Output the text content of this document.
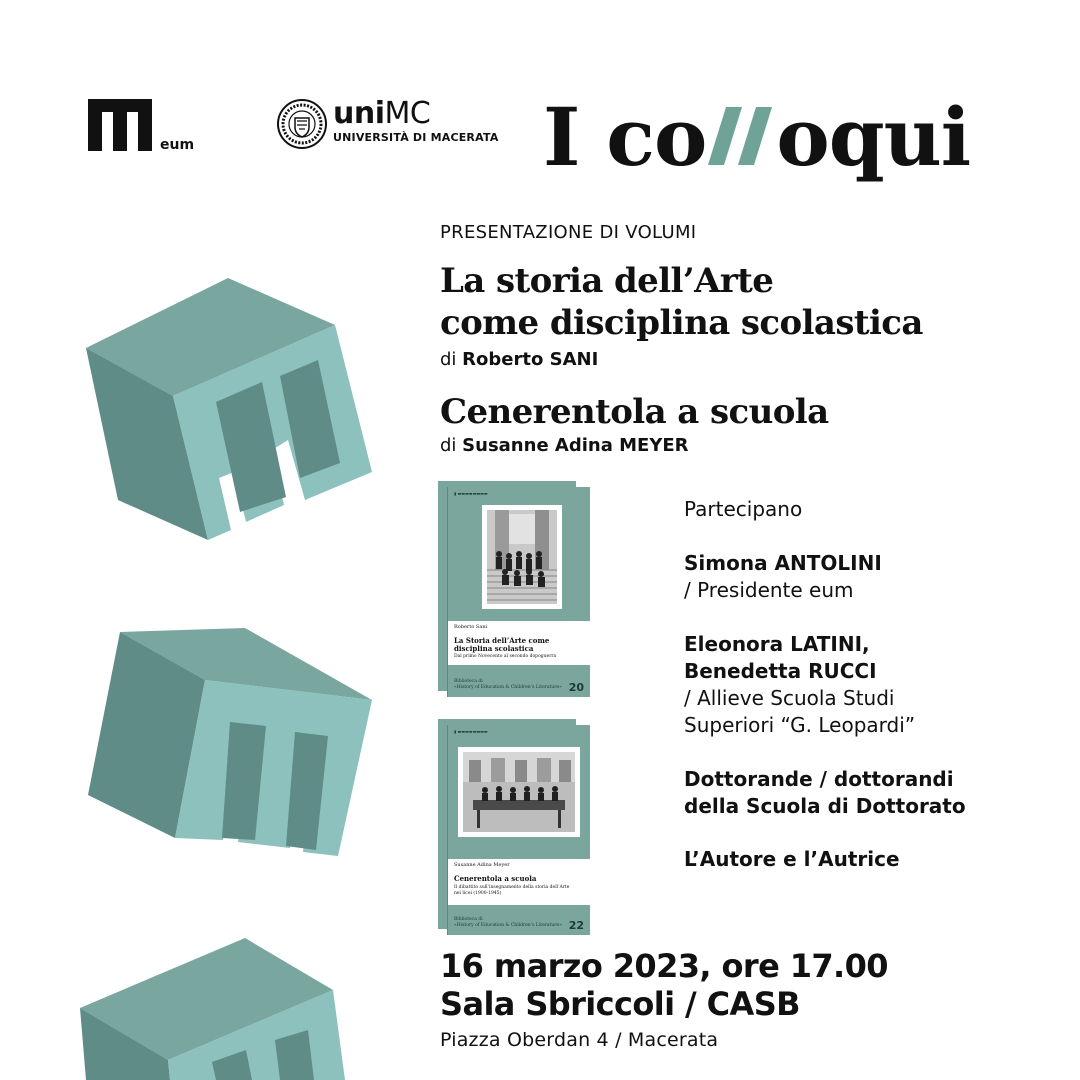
eum
uniMC
UNIVERSITÀ DI MACERATA I co oqui
PRESENTAZIONE DI VOLUMI
La storia dell’Arte
come disciplina scolastica
di Roberto SANI
Cenerentola a scuola
di Susanne Adina MEYER
▮ ▬▬▬▬▬▬▬▬
Roberto Sani
La Storia dell’Arte come
disciplina scolastica
Dal primo Novecento al secondo dopoguerra
Biblioteca di
«History of Education & Children’s Literature» 20
▮ ▬▬▬▬▬▬▬▬
Susanne Adina Meyer
Cenerentola a scuola
Il dibattito sull’insegnamento della storia dell’Arte
nei licei (1900-1945)
Biblioteca di
«History of Education & Children’s Literature» 22
Partecipano
Simona ANTOLINI
/ Presidente eum
Eleonora LATINI,
Benedetta RUCCI
/ Allieve Scuola Studi
Superiori “G. Leopardi”
Dottorande / dottorandi
della Scuola di Dottorato
L’Autore e l’Autrice
16 marzo 2023, ore 17.00
Sala Sbriccoli / CASB
Piazza Oberdan 4 / Macerata
